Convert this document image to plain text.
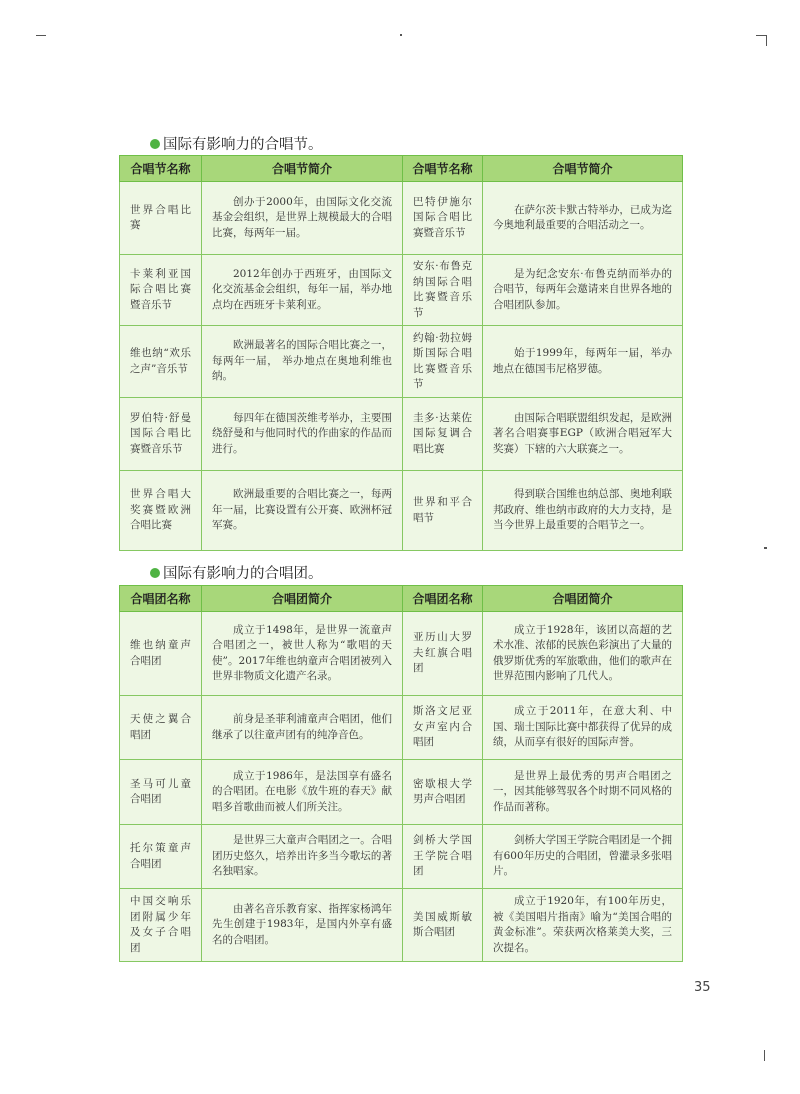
国际有影响力的合唱节。
合唱节名称	合唱节简介	合唱节名称	合唱节简介
世界合唱比赛	创办于2000年，由国际文化交流基金会组织，是世界上规模最大的合唱比赛，每两年一届。	巴特伊施尔国际合唱比赛暨音乐节	在萨尔茨卡默古特举办，已成为迄今奥地利最重要的合唱活动之一。
卡莱利亚国际合唱比赛暨音乐节	2012年创办于西班牙，由国际文化交流基金会组织，每年一届，举办地点均在西班牙卡莱利亚。	安东·布鲁克纳国际合唱比赛暨音乐节	是为纪念安东·布鲁克纳而举办的合唱节，每两年会邀请来自世界各地的合唱团队参加。
维也纳“欢乐之声”音乐节	欧洲最著名的国际合唱比赛之一，每两年一届， 举办地点在奥地利维也纳。	约翰·勃拉姆斯国际合唱比赛暨音乐节	始于1999年，每两年一届，举办地点在德国韦尼格罗德。
罗伯特·舒曼国际合唱比赛暨音乐节	每四年在德国茨维考举办，主要围绕舒曼和与他同时代的作曲家的作品而进行。	圭多·达莱佐国际复调合唱比赛	由国际合唱联盟组织发起，是欧洲著名合唱赛事EGP（欧洲合唱冠军大奖赛）下辖的六大联赛之一。
世界合唱大奖赛暨欧洲合唱比赛	欧洲最重要的合唱比赛之一，每两年一届，比赛设置有公开赛、欧洲杯冠军赛。	世界和平合唱节	得到联合国维也纳总部、奥地利联邦政府、维也纳市政府的大力支持，是当今世界上最重要的合唱节之一。
国际有影响力的合唱团。
合唱团名称	合唱团简介	合唱团名称	合唱团简介
维也纳童声合唱团	成立于1498年，是世界一流童声合唱团之一，被世人称为“歌唱的天使”。2017年维也纳童声合唱团被列入世界非物质文化遗产名录。	亚历山大罗夫红旗合唱团	成立于1928年，该团以高超的艺术水准、浓郁的民族色彩演出了大量的俄罗斯优秀的军旅歌曲，他们的歌声在世界范围内影响了几代人。
天使之翼合唱团	前身是圣菲利浦童声合唱团，他们继承了以往童声团有的纯净音色。	斯洛文尼亚女声室内合唱团	成立于2011年，在意大利、中国、瑞士国际比赛中都获得了优异的成绩，从而享有很好的国际声誉。
圣马可儿童合唱团	成立于1986年，是法国享有盛名的合唱团。在电影《放牛班的春天》献唱多首歌曲而被人们所关注。	密歇根大学男声合唱团	是世界上最优秀的男声合唱团之一，因其能够驾驭各个时期不同风格的作品而著称。
托尔策童声合唱团	是世界三大童声合唱团之一。合唱团历史悠久，培养出许多当今歌坛的著名独唱家。	剑桥大学国王学院合唱团	剑桥大学国王学院合唱团是一个拥有600年历史的合唱团，曾灌录多张唱片。
中国交响乐团附属少年及女子合唱团	由著名音乐教育家、指挥家杨鸿年先生创建于1983年，是国内外享有盛名的合唱团。	美国威斯敏斯合唱团	成立于1920年，有100年历史，被《美国唱片指南》喻为“美国合唱的黄金标准”。荣获两次格莱美大奖，三次提名。
35
